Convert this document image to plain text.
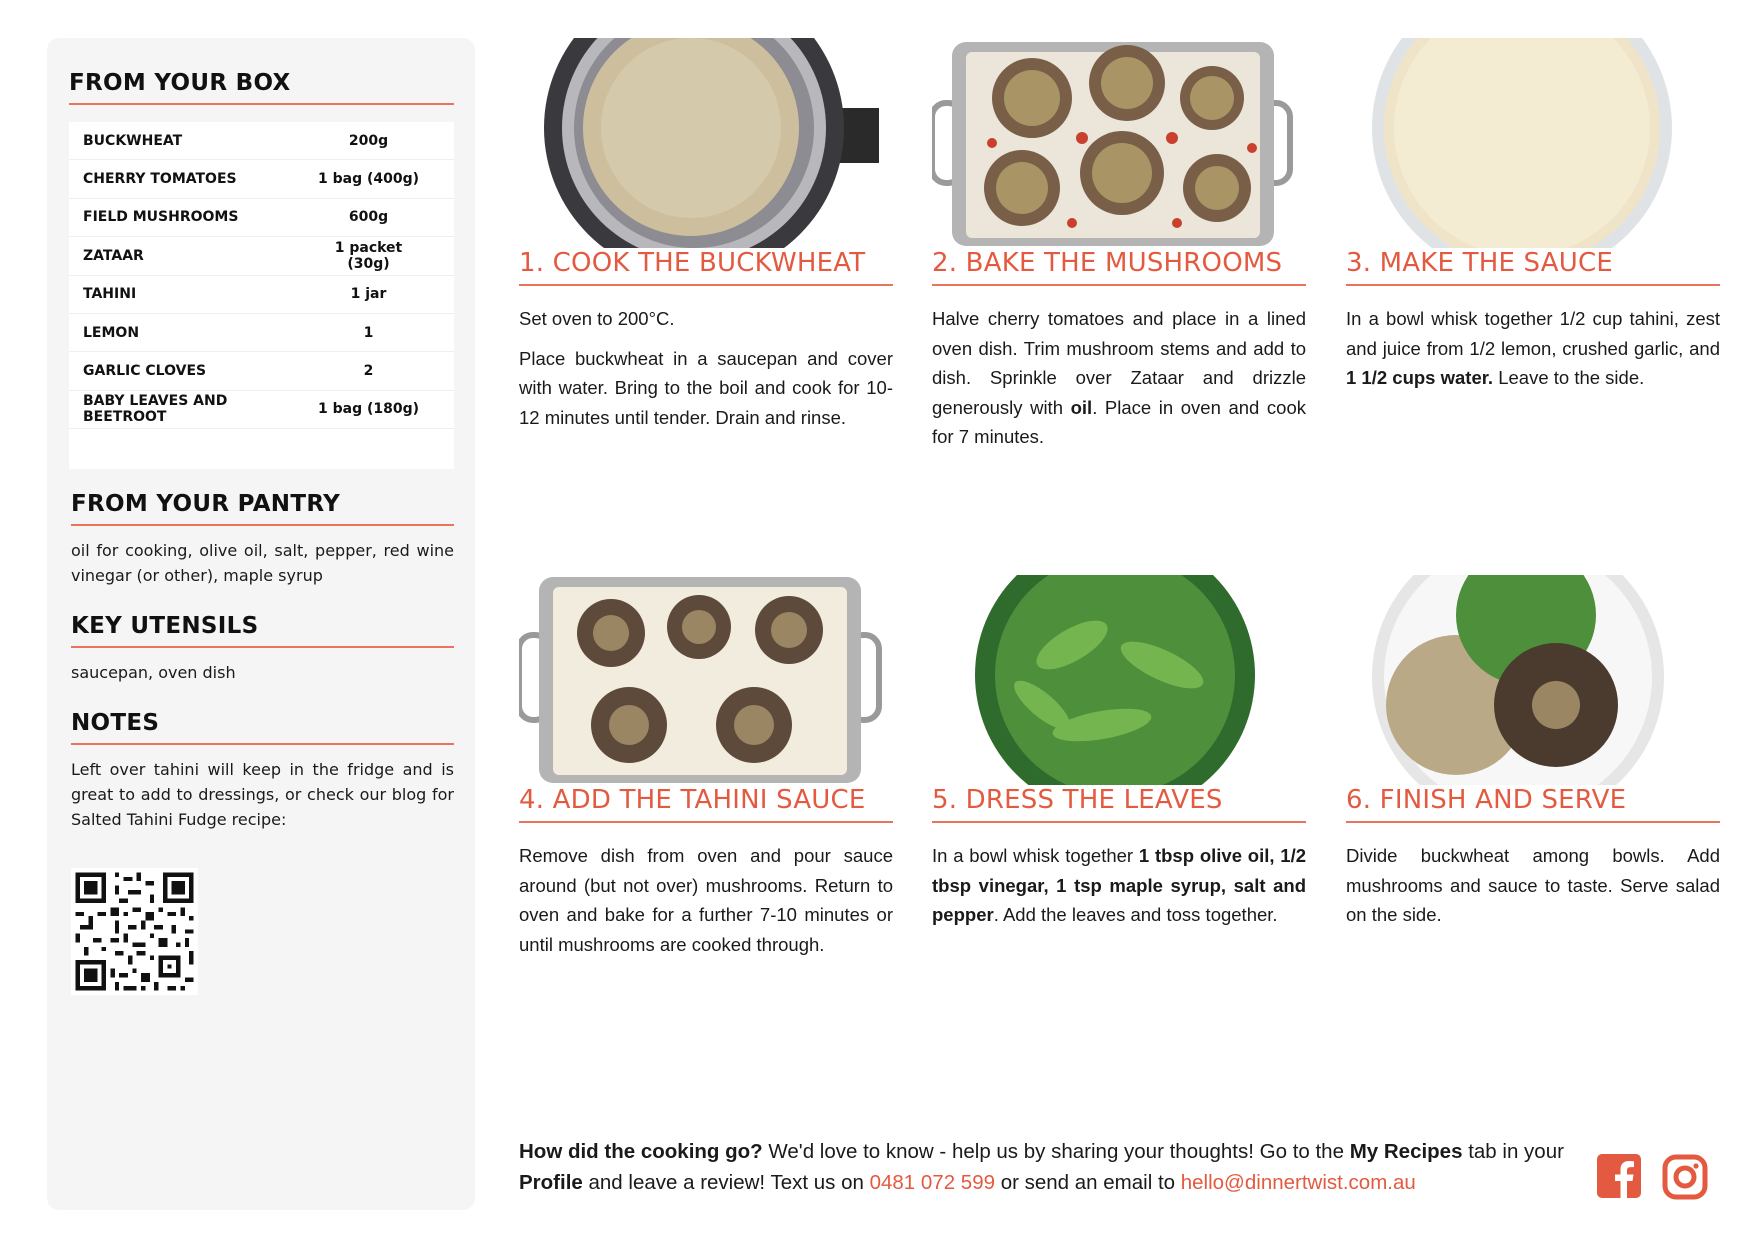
FROM YOUR BOX
BUCKWHEAT	200g
CHERRY TOMATOES	1 bag (400g)
FIELD MUSHROOMS	600g
ZATAAR	1 packet (30g)
TAHINI	1 jar
LEMON	1
GARLIC CLOVES	2
BABY LEAVES AND BEETROOT	1 bag (180g)
FROM YOUR PANTRY

oil for cooking, olive oil, salt, pepper, red wine vinegar (or other), maple syrup

KEY UTENSILS

saucepan, oven dish

NOTES

Left over tahini will keep in the fridge and is great to add to dressings, or check our blog for Salted Tahini Fudge recipe:

1. COOK THE BUCKWHEAT

Set oven to 200°C.

Place buckwheat in a saucepan and cover with water. Bring to the boil and cook for 10-12 minutes until tender. Drain and rinse.

2. BAKE THE MUSHROOMS

Halve cherry tomatoes and place in a lined oven dish. Trim mushroom stems and add to dish. Sprinkle over Zataar and drizzle generously with oil. Place in oven and cook for 7 minutes.

3. MAKE THE SAUCE

In a bowl whisk together 1/2 cup tahini, zest and juice from 1/2 lemon, crushed garlic, and 1 1/2 cups water. Leave to the side.

4. ADD THE TAHINI SAUCE

Remove dish from oven and pour sauce around (but not over) mushrooms. Return to oven and bake for a further 7-10 minutes or until mushrooms are cooked through.

5. DRESS THE LEAVES

In a bowl whisk together 1 tbsp olive oil, 1/2 tbsp vinegar, 1 tsp maple syrup, salt and pepper. Add the leaves and toss together.

6. FINISH AND SERVE

Divide buckwheat among bowls. Add mushrooms and sauce to taste. Serve salad on the side.

How did the cooking go? We'd love to know - help us by sharing your thoughts! Go to the My Recipes tab in your Profile and leave a review! Text us on 0481 072 599 or send an email to hello@dinnertwist.com.au
